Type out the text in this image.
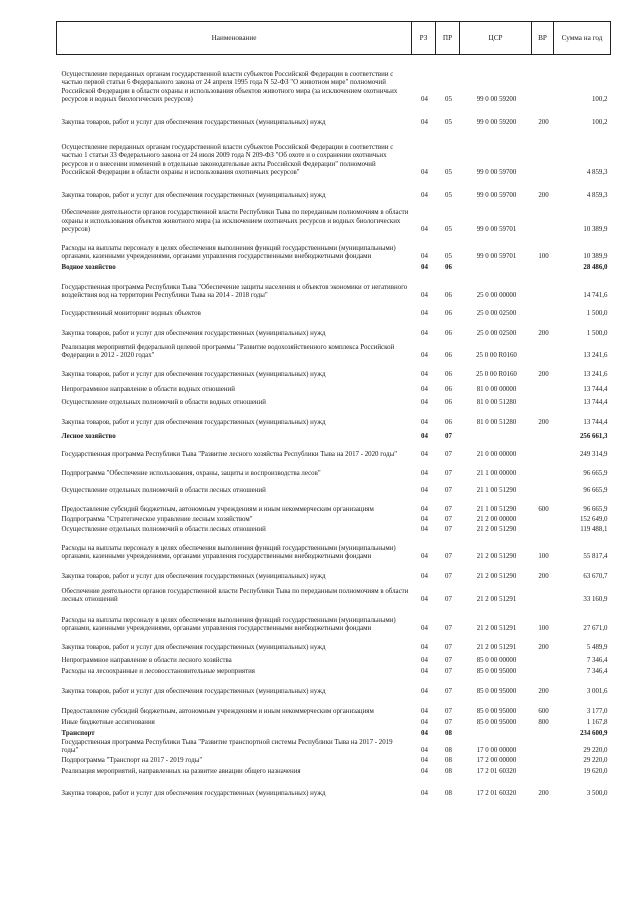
Наименование	РЗ	ПР	ЦСР	ВР	Сумма на год
Осуществление переданных органам государственной власти субъектов Российской Федерации в соответствии с частью первой статьи 6 Федерального закона от 24 апреля 1995 года N 52-ФЗ "О животном мире" полномочий Российской Федерации в области охраны и использования объектов животного мира (за исключением охотничьих ресурсов и водных биологических ресурсов)	04	05	99 0 00 59200		100,2
Закупка товаров, работ и услуг для обеспечения государственных (муниципальных) нужд	04	05	99 0 00 59200	200	100,2
Осуществление переданных органам государственной власти субъектов Российской Федерации в соответствии с частью 1 статьи 33 Федерального закона от 24 июля 2009 года N 209-ФЗ "Об охоте и о сохранении охотничьих ресурсов и о внесении изменений в отдельные законодательные акты Российской Федерации" полномочий Российской Федерации в области охраны и использования охотничьих ресурсов"	04	05	99 0 00 59700		4 859,3
Закупка товаров, работ и услуг для обеспечения государственных (муниципальных) нужд	04	05	99 0 00 59700	200	4 859,3
Обеспечение деятельности органов государственной власти Республики Тыва по переданным полномочиям в области охраны и использования объектов животного мира (за исключением охотничьих ресурсов и водных биологических ресурсов)	04	05	99 0 00 59701		10 389,9
Расходы на выплаты персоналу в целях обеспечения выполнения функций государственными (муниципальными) органами, казенными учреждениями, органами управления государственными внебюджетными фондами	04	05	99 0 00 59701	100	10 389,9
Водное хозяйство	04	06			28 486,0
Государственная программа Республики Тыва "Обеспечение защиты населения и объектов экономики от негативного воздействия вод на территории Республики Тыва на 2014 - 2018 годы"	04	06	25 0 00 00000		14 741,6
Государственный мониторинг водных объектов	04	06	25 0 00 02500		1 500,0
Закупка товаров, работ и услуг для обеспечения государственных (муниципальных) нужд	04	06	25 0 00 02500	200	1 500,0
Реализация мероприятий федеральной целевой программы "Развитие водохозяйственного комплекса Российской Федерации в 2012 - 2020 годах"	04	06	25 0 00 R0160		13 241,6
Закупка товаров, работ и услуг для обеспечения государственных (муниципальных) нужд	04	06	25 0 00 R0160	200	13 241,6
Непрограммное направление в области водных отношений	04	06	81 0 00 00000		13 744,4
Осуществление отдельных полномочий в области водных отношений	04	06	81 0 00 51280		13 744,4
Закупка товаров, работ и услуг для обеспечения государственных (муниципальных) нужд	04	06	81 0 00 51280	200	13 744,4
Лесное хозяйство	04	07			256 661,3
Государственная программа Республики Тыва "Развитие лесного хозяйства Республики Тыва на 2017 - 2020 годы"	04	07	21 0 00 00000		249 314,9
Подпрограмма "Обеспечение использования, охраны, защиты и воспроизводства лесов"	04	07	21 1 00 00000		96 665,9
Осуществление отдельных полномочий в области лесных отношений	04	07	21 1 00 51290		96 665,9
Предоставление субсидий бюджетным, автономным учреждениям и иным некоммерческим организациям	04	07	21 1 00 51290	600	96 665,9
Подпрограмма "Стратегическое управление лесным хозяйством"	04	07	21 2 00 00000		152 649,0
Осуществление отдельных полномочий в области лесных отношений	04	07	21 2 00 51290		119 488,1
Расходы на выплаты персоналу в целях обеспечения выполнения функций государственными (муниципальными) органами, казенными учреждениями, органами управления государственными внебюджетными фондами	04	07	21 2 00 51290	100	55 817,4
Закупка товаров, работ и услуг для обеспечения государственных (муниципальных) нужд	04	07	21 2 00 51290	200	63 670,7
Обеспечение деятельности органов государственной власти Республики Тыва по переданным полномочиям в области лесных отношений	04	07	21 2 00 51291		33 160,9
Расходы на выплаты персоналу в целях обеспечения выполнения функций государственными (муниципальными) органами, казенными учреждениями, органами управления государственными внебюджетными фондами	04	07	21 2 00 51291	100	27 671,0
Закупка товаров, работ и услуг для обеспечения государственных (муниципальных) нужд	04	07	21 2 00 51291	200	5 489,9
Непрограммное направление в области лесного хозяйства	04	07	85 0 00 00000		7 346,4
Расходы на лесоохранные и лесовосстановительные мероприятия	04	07	85 0 00 95000		7 346,4
Закупка товаров, работ и услуг для обеспечения государственных (муниципальных) нужд	04	07	85 0 00 95000	200	3 001,6
Предоставление субсидий бюджетным, автономным учреждениям и иным некоммерческим организациям	04	07	85 0 00 95000	600	3 177,0
Иные бюджетные ассигнования	04	07	85 0 00 95000	800	1 167,8
Транспорт	04	08			234 600,9
Государственная программа Республики Тыва "Развитие транспортной системы Республики Тыва на 2017 - 2019 годы"	04	08	17 0 00 00000		29 220,0
Подпрограмма "Транспорт на 2017 - 2019 годы"	04	08	17 2 00 00000		29 220,0
Реализация мероприятий, направленных на развитие авиации общего назначения	04	08	17 2 01 60320		19 620,0
Закупка товаров, работ и услуг для обеспечения государственных (муниципальных) нужд	04	08	17 2 01 60320	200	3 500,0
